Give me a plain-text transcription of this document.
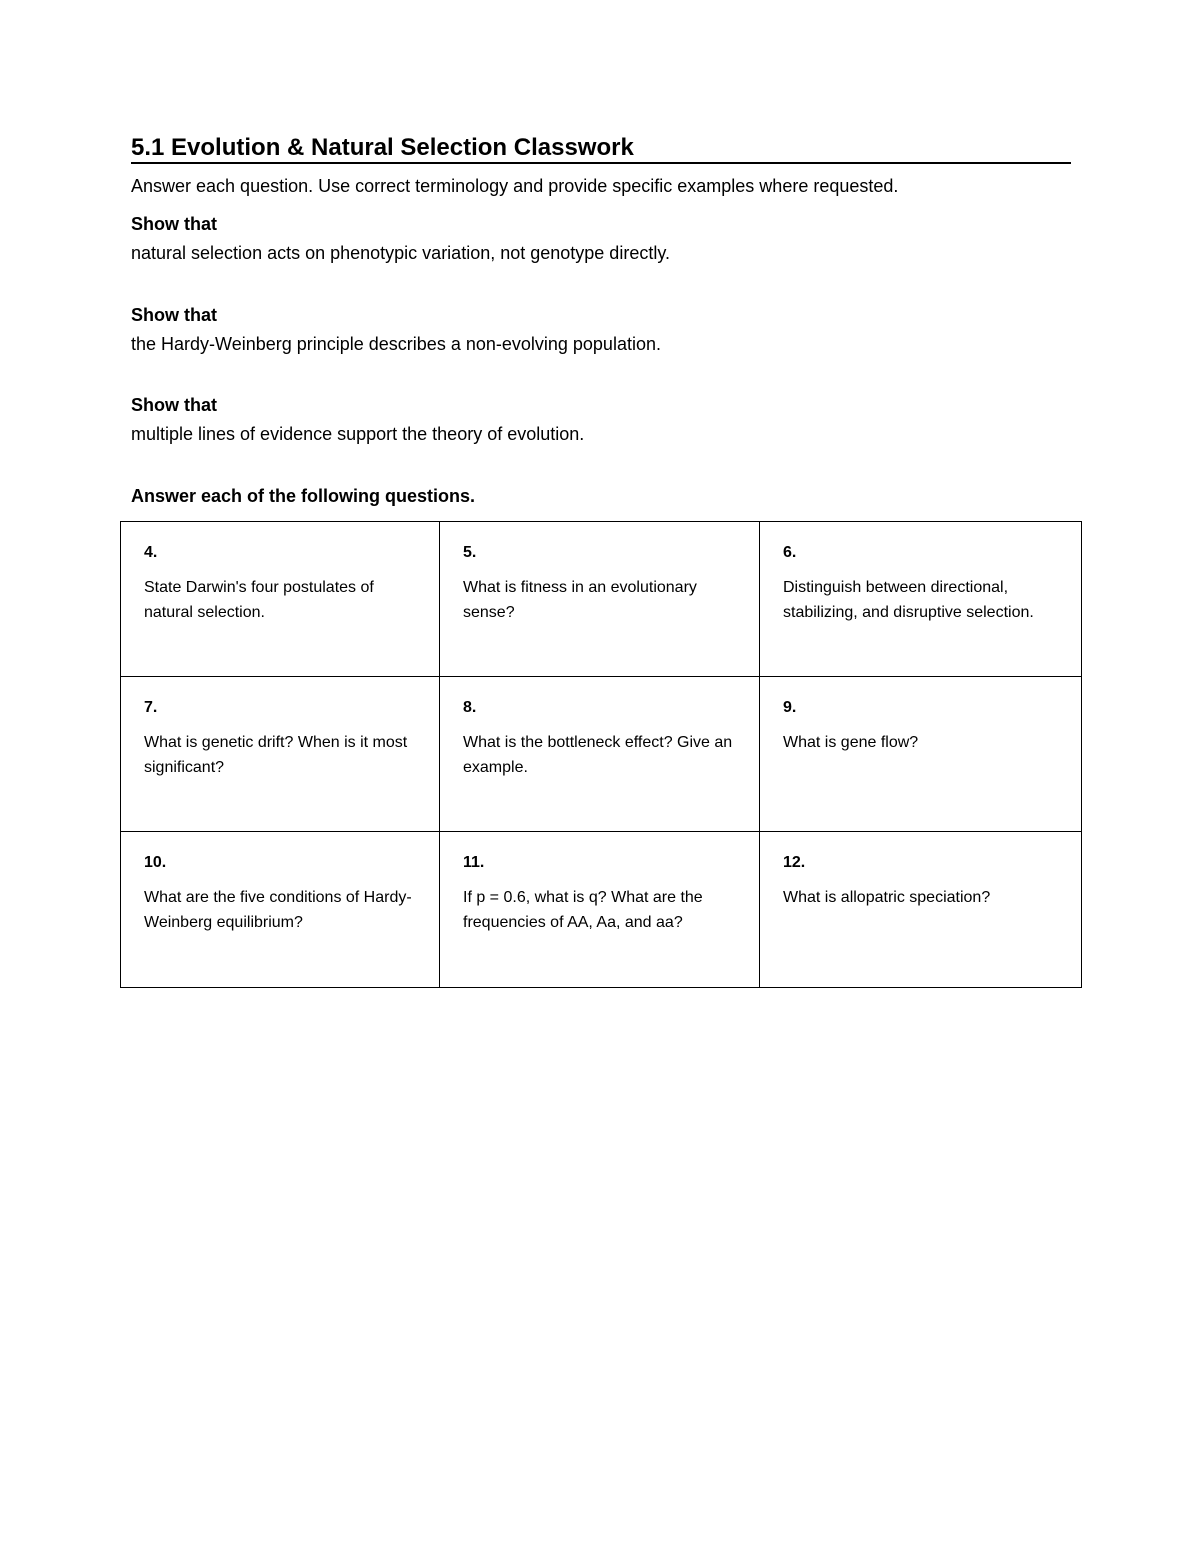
5.1 Evolution & Natural Selection Classwork
Answer each question. Use correct terminology and provide specific examples where requested.
Show that
natural selection acts on phenotypic variation, not genotype directly.
Show that
the Hardy-Weinberg principle describes a non-evolving population.
Show that
multiple lines of evidence support the theory of evolution.
Answer each of the following questions.
4.
State Darwin's four postulates of natural selection.
5.
What is fitness in an evolutionary sense?
6.
Distinguish between directional, stabilizing, and disruptive selection.
7.
What is genetic drift? When is it most significant?
8.
What is the bottleneck effect? Give an example.
9.
What is gene flow?
10.
What are the five conditions of Hardy-Weinberg equilibrium?
11.
If p = 0.6, what is q? What are the frequencies of AA, Aa, and aa?
12.
What is allopatric speciation?
